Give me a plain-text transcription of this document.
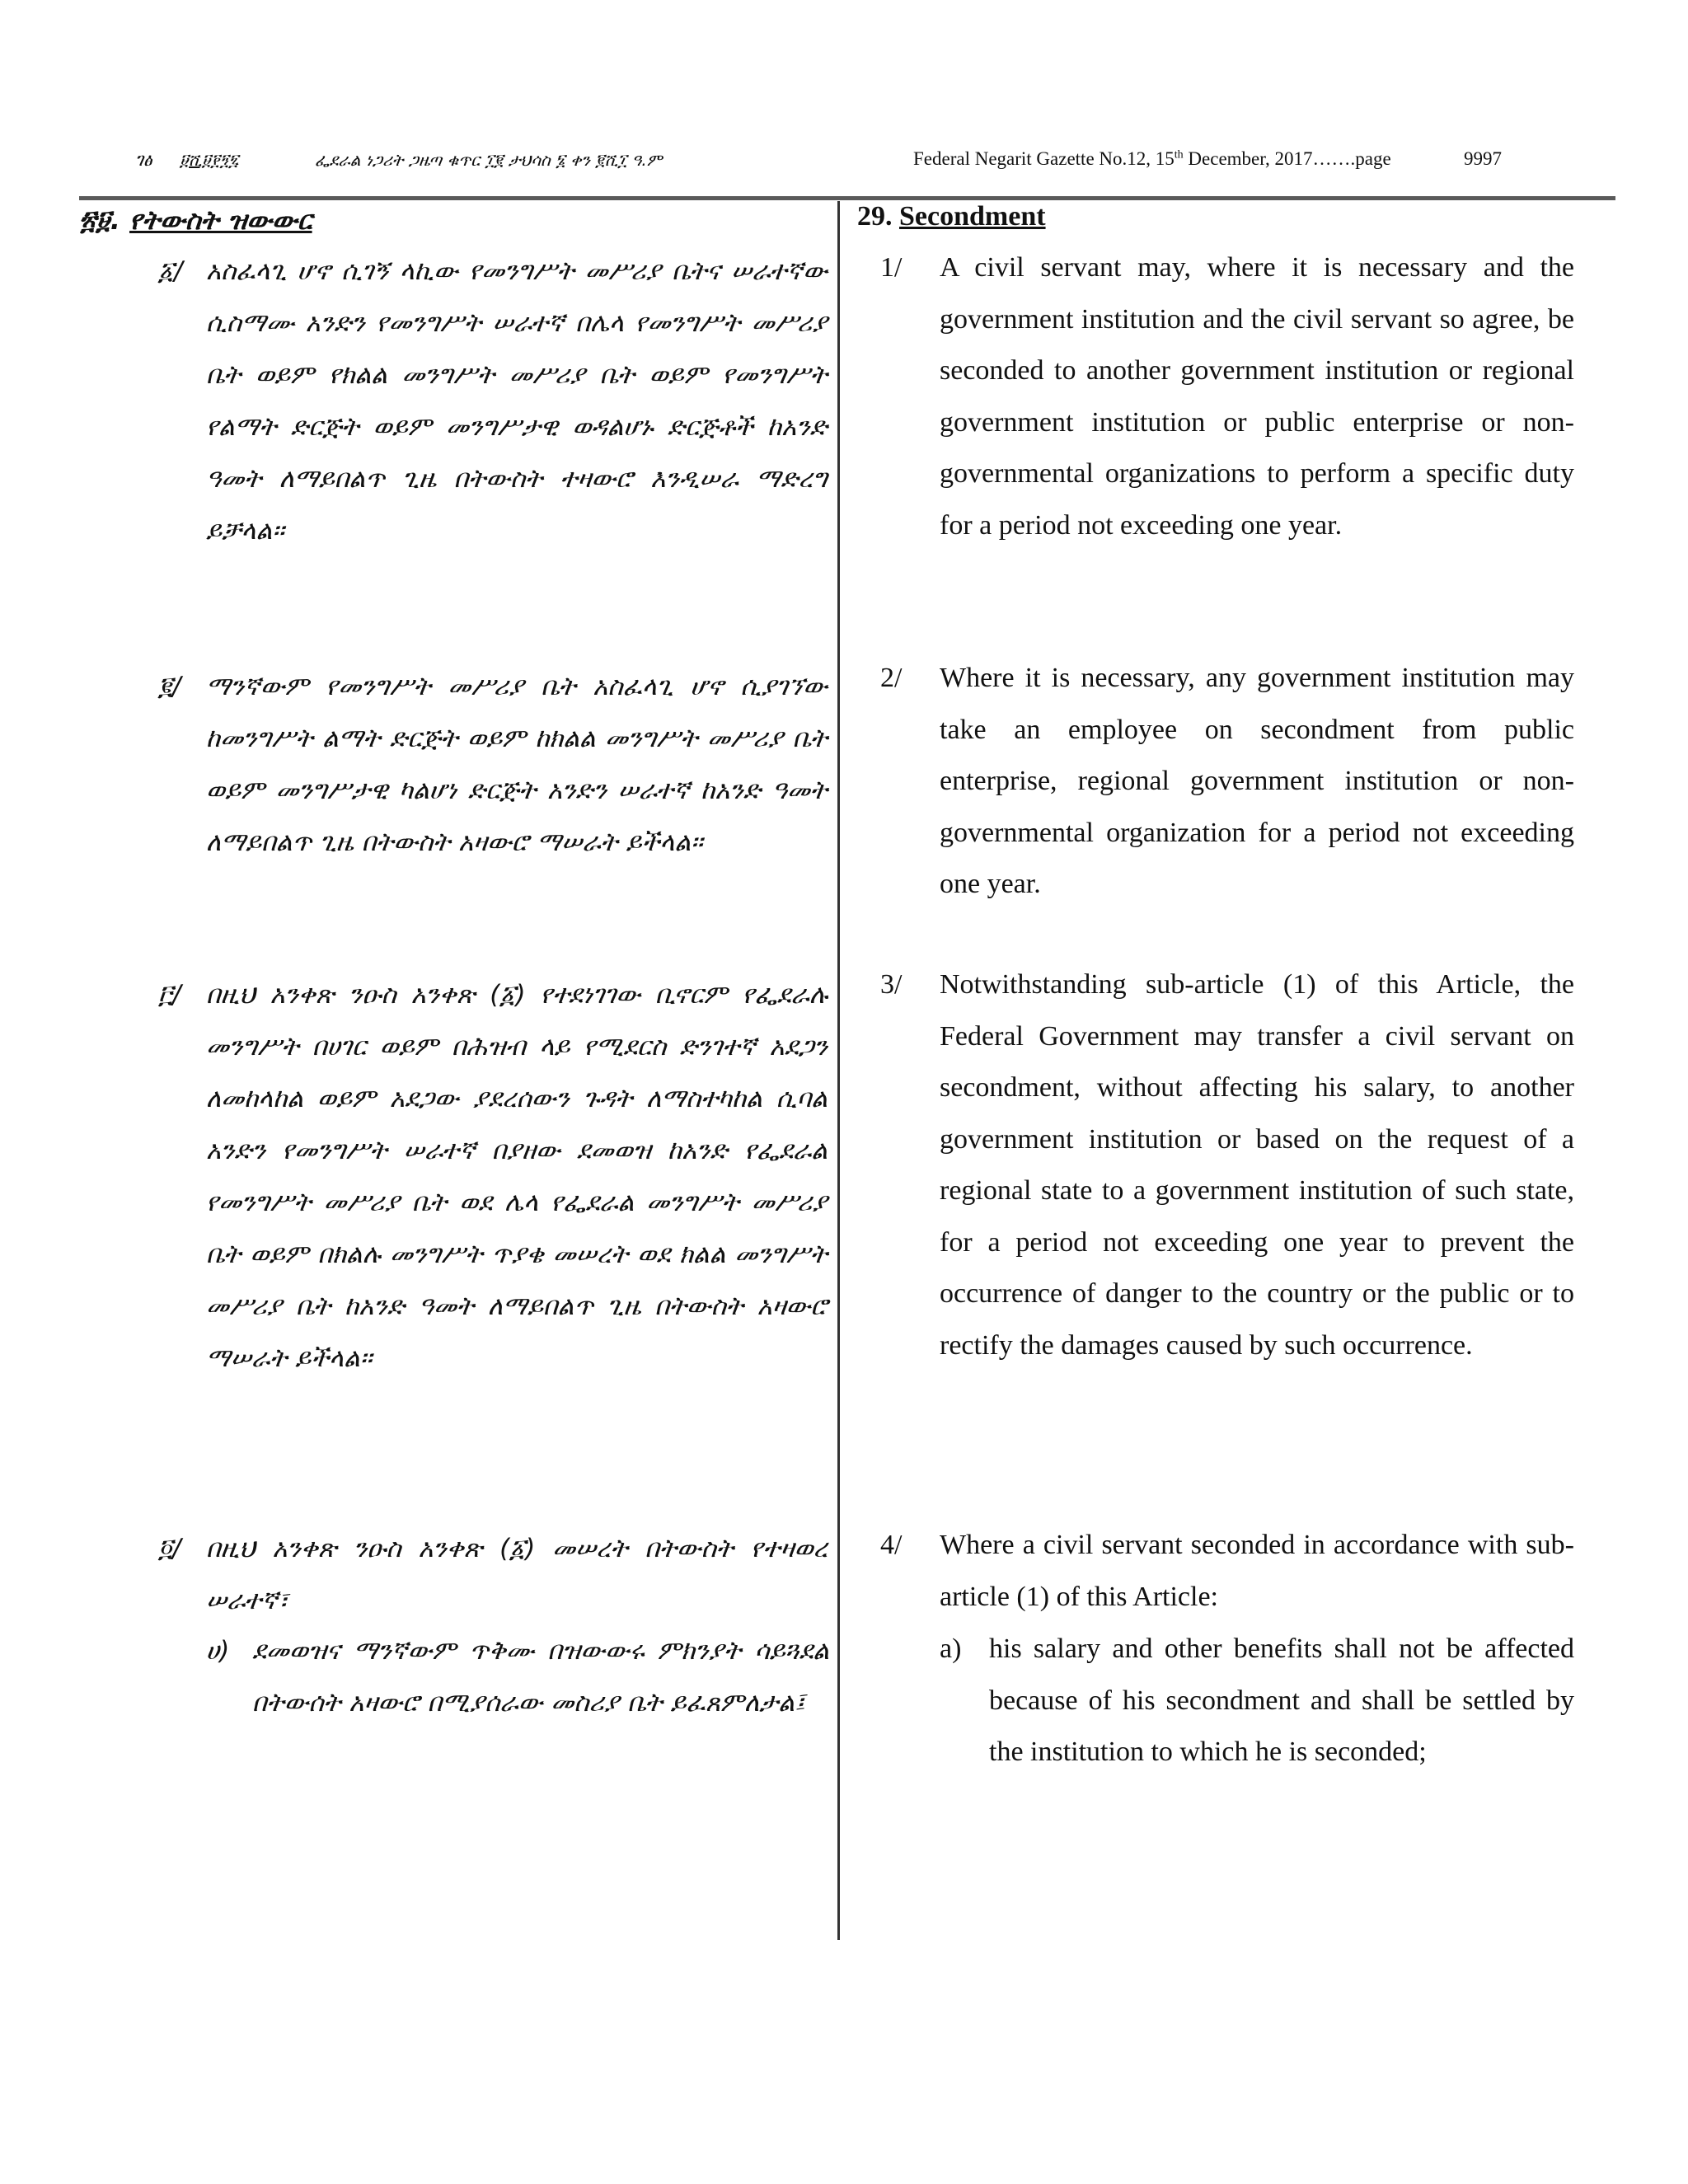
ገፅ ፱ሺ፱፻፺፯	ፌደራል ነጋሪት ጋዜጣ ቁጥር ፲፪ ታህሳስ ፮ ቀን ፪ሺ፲ ዓ.ም	Federal Negarit Gazette No.12, 15th December, 2017…….page	9997
፳፱. የትውስት ዝውውር
፩/ አስፈላጊ ሆኖ ሲገኝ ላኪው የመንግሥት መሥሪያ ቤትና ሠራተኛው ሲስማሙ አንድን የመንግሥት ሠራተኛ በሌላ የመንግሥት መሥሪያ ቤት ወይም የክልል መንግሥት መሥሪያ ቤት ወይም የመንግሥት የልማት ድርጅት ወይም መንግሥታዊ ወዳልሆኑ ድርጅቶች ከአንድ ዓመት ለማይበልጥ ጊዜ በትውስት ተዛውሮ እንዲሠራ ማድረግ ይቻላል፡፡
፪/ ማንኛውም የመንግሥት መሥሪያ ቤት አስፈላጊ ሆኖ ሲያገኘው ከመንግሥት ልማት ድርጅት ወይም ከክልል መንግሥት መሥሪያ ቤት ወይም መንግሥታዊ ካልሆነ ድርጅት አንድን ሠራተኛ ከአንድ ዓመት ለማይበልጥ ጊዜ በትውስት አዛውሮ ማሠራት ይችላል፡፡
፫/ በዚህ አንቀጽ ንዑስ አንቀጽ (፩) የተደነገገው ቢኖርም የፌደራሉ መንግሥት በሀገር ወይም በሕዝብ ላይ የሚደርስ ድንገተኛ አደጋን ለመከላከል ወይም አደጋው ያደረሰውን ጉዳት ለማስተካከል ሲባል አንድን የመንግሥት ሠራተኛ በያዘው ደመወዝ ከአንድ የፌደራል የመንግሥት መሥሪያ ቤት ወደ ሌላ የፌደራል መንግሥት መሥሪያ ቤት ወይም በክልሉ መንግሥት ጥያቄ መሠረት ወደ ክልል መንግሥት መሥሪያ ቤት ከአንድ ዓመት ለማይበልጥ ጊዜ በትውስት አዛውሮ ማሠራት ይችላል፡፡
፬/ በዚህ አንቀጽ ንዑስ አንቀጽ (፩) መሠረት በትውስት የተዛወረ ሠራተኛ፣
ሀ) ደመወዝና ማንኛውም ጥቅሙ በዝውውሩ ምክንያት ሳይጓደል በትውሰት አዛውሮ በሚያሰራው መስሪያ ቤት ይፈጸምለታል፤
29. Secondment
1/ A civil servant may, where it is necessary and the government institution and the civil servant so agree, be seconded to another government institution or regional government institution or public enterprise or non-governmental organizations to perform a specific duty for a period not exceeding one year.
2/ Where it is necessary, any government institution may take an employee on secondment from public enterprise, regional government institution or non-governmental organization for a period not exceeding one year.
3/ Notwithstanding sub-article (1) of this Article, the Federal Government may transfer a civil servant on secondment, without affecting his salary, to another government institution or based on the request of a regional state to a government institution of such state, for a period not exceeding one year to prevent the occurrence of danger to the country or the public or to rectify the damages caused by such occurrence.
4/ Where a civil servant seconded in accordance with sub-article (1) of this Article:
a) his salary and other benefits shall not be affected because of his secondment and shall be settled by the institution to which he is seconded;
